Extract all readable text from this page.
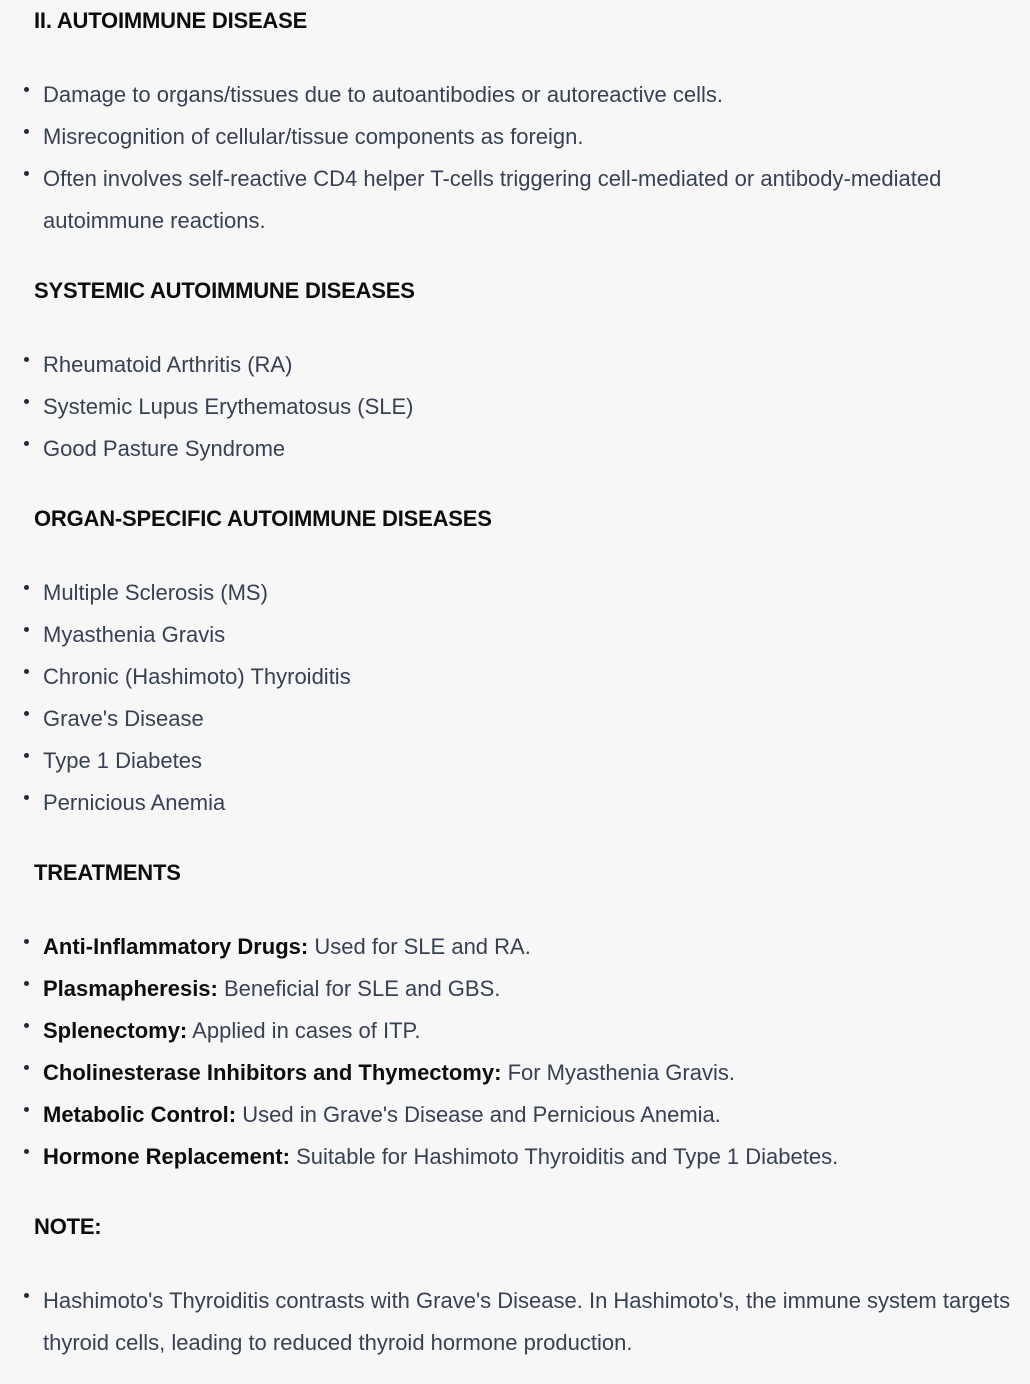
II. AUTOIMMUNE DISEASE
Damage to organs/tissues due to autoantibodies or autoreactive cells.
Misrecognition of cellular/tissue components as foreign.
Often involves self-reactive CD4 helper T-cells triggering cell-mediated or antibody-mediated autoimmune reactions.
SYSTEMIC AUTOIMMUNE DISEASES
Rheumatoid Arthritis (RA)
Systemic Lupus Erythematosus (SLE)
Good Pasture Syndrome
ORGAN-SPECIFIC AUTOIMMUNE DISEASES
Multiple Sclerosis (MS)
Myasthenia Gravis
Chronic (Hashimoto) Thyroiditis
Grave's Disease
Type 1 Diabetes
Pernicious Anemia
TREATMENTS
Anti-Inflammatory Drugs: Used for SLE and RA.
Plasmapheresis: Beneficial for SLE and GBS.
Splenectomy: Applied in cases of ITP.
Cholinesterase Inhibitors and Thymectomy: For Myasthenia Gravis.
Metabolic Control: Used in Grave's Disease and Pernicious Anemia.
Hormone Replacement: Suitable for Hashimoto Thyroiditis and Type 1 Diabetes.
NOTE:
Hashimoto's Thyroiditis contrasts with Grave's Disease. In Hashimoto's, the immune system targets thyroid cells, leading to reduced thyroid hormone production.
